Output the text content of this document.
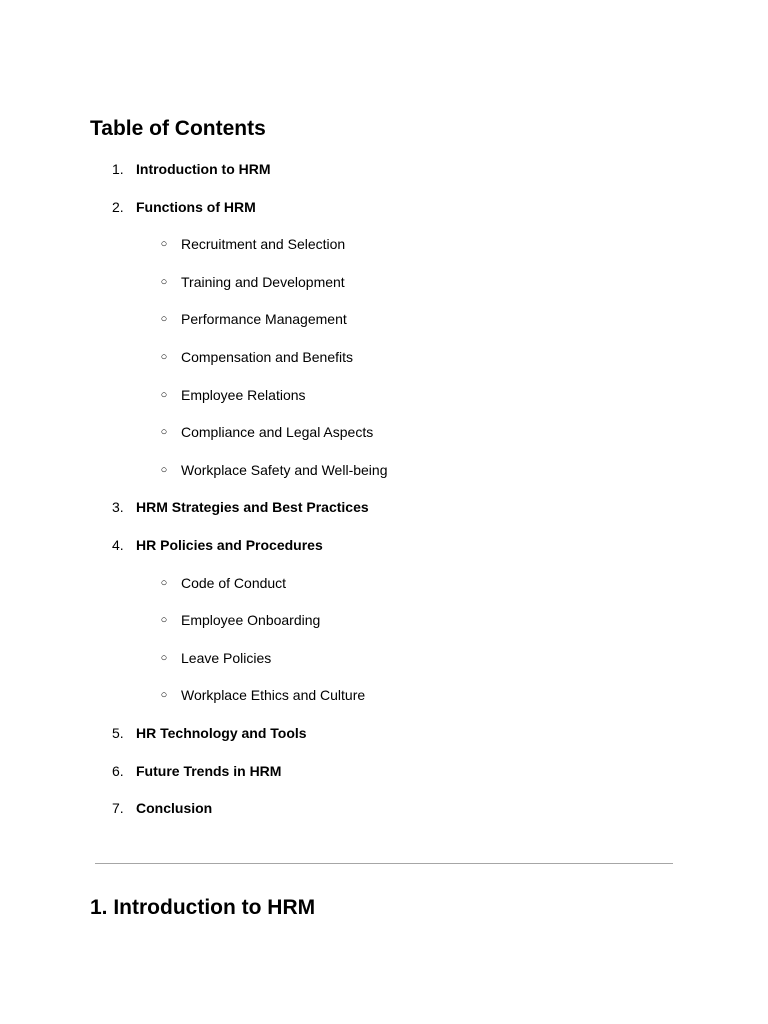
Table of Contents
1. Introduction to HRM
2. Functions of HRM
○ Recruitment and Selection
○ Training and Development
○ Performance Management
○ Compensation and Benefits
○ Employee Relations
○ Compliance and Legal Aspects
○ Workplace Safety and Well-being
3. HRM Strategies and Best Practices
4. HR Policies and Procedures
○ Code of Conduct
○ Employee Onboarding
○ Leave Policies
○ Workplace Ethics and Culture
5. HR Technology and Tools
6. Future Trends in HRM
7. Conclusion
1. Introduction to HRM
